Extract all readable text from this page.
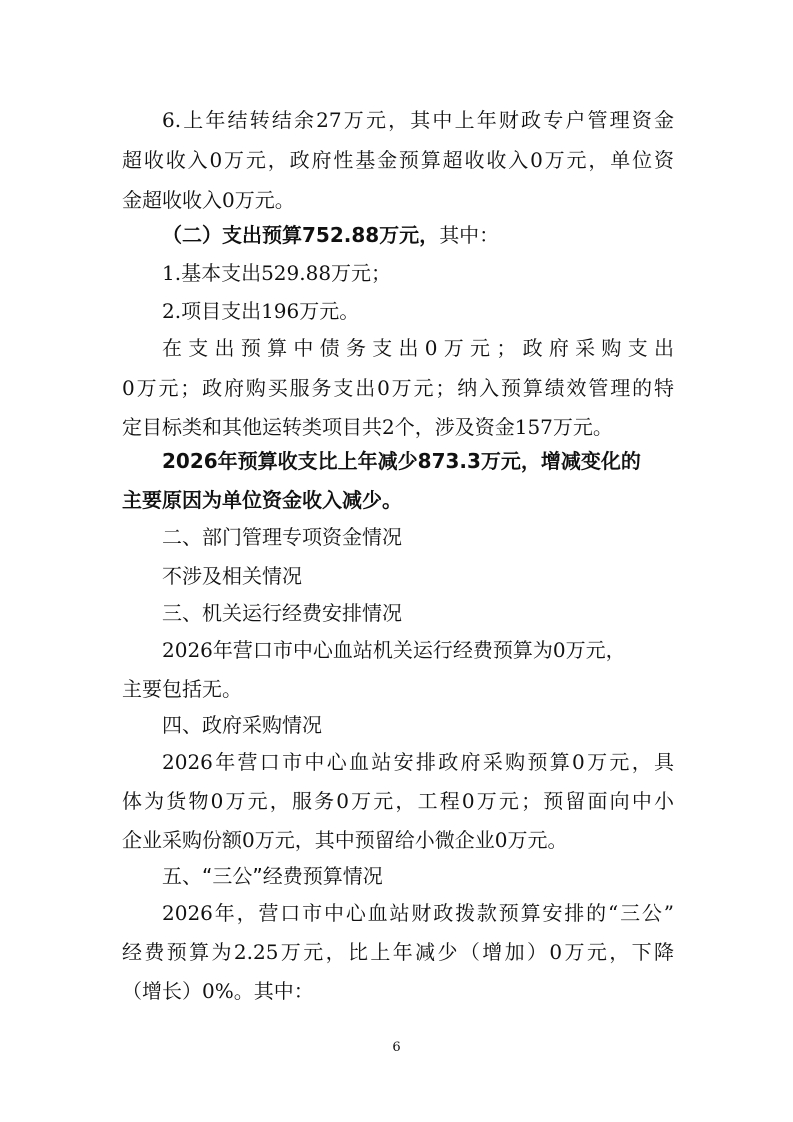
6.上年结转结余27万元，其中上年财政专户管理资金
超收收入0万元，政府性基金预算超收收入0万元，单位资
金超收收入0万元。
（二）支出预算752.88万元，其中：
1.基本支出529.88万元；
2.项目支出196万元。
在支出预算中债务支出0万元；政府采购支出
0万元；政府购买服务支出0万元；纳入预算绩效管理的特
定目标类和其他运转类项目共2个，涉及资金157万元。
2026年预算收支比上年减少873.3万元，增减变化的
主要原因为单位资金收入减少。
二、部门管理专项资金情况
不涉及相关情况
三、机关运行经费安排情况
2026年营口市中心血站机关运行经费预算为0万元，
主要包括无。
四、政府采购情况
2026年营口市中心血站安排政府采购预算0万元，具
体为货物0万元，服务0万元，工程0万元；预留面向中小
企业采购份额0万元，其中预留给小微企业0万元。
五、“三公”经费预算情况
2026年，营口市中心血站财政拨款预算安排的“三公”
经费预算为2.25万元，比上年减少（增加）0万元，下降
（增长）0%。其中：
6
